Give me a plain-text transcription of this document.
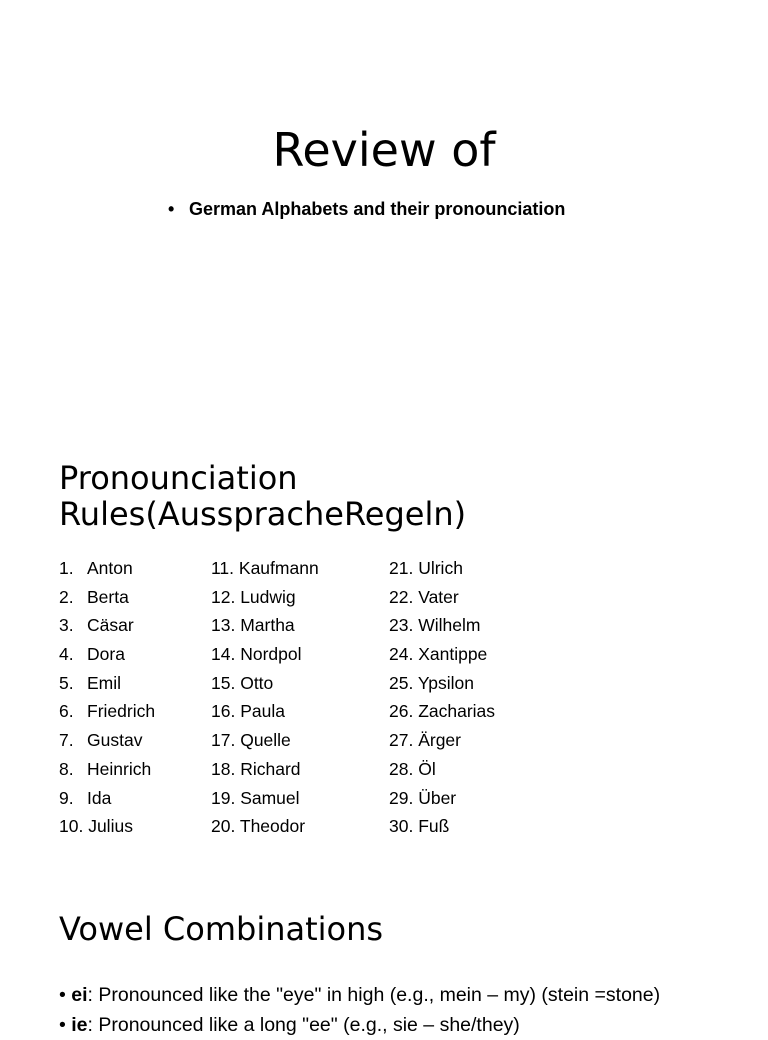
Review of
• German Alphabets and their pronounciation
Pronounciation
Rules(AusspracheRegeln)
1. Anton
2. Berta
3. Cäsar
4. Dora
5. Emil
6. Friedrich
7. Gustav
8. Heinrich
9. Ida
10. Julius
11. Kaufmann
12. Ludwig
13. Martha
14. Nordpol
15. Otto
16. Paula
17. Quelle
18. Richard
19. Samuel
20. Theodor
21. Ulrich
22. Vater
23. Wilhelm
24. Xantippe
25. Ypsilon
26. Zacharias
27. Ärger
28. Öl
29. Über
30. Fuß
Vowel Combinations
• ei: Pronounced like the "eye" in high (e.g., mein – my) (stein =stone)
• ie: Pronounced like a long "ee" (e.g., sie – she/they)
